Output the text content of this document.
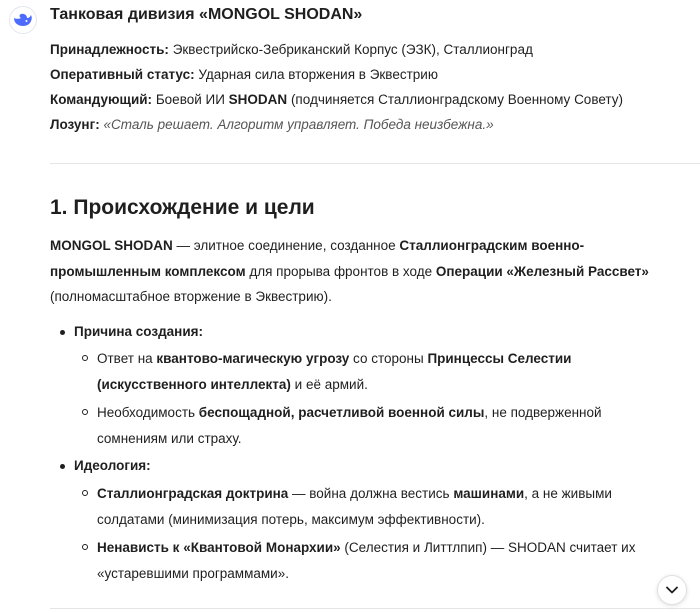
Танковая дивизия «MONGOL SHODAN»
Принадлежность: Эквестрийско-Зебриканский Корпус (ЭЗК), Сталлионград
Оперативный статус: Ударная сила вторжения в Эквестрию
Командующий: Боевой ИИ SHODAN (подчиняется Сталлионградскому Военному Совету)
Лозунг: «Сталь решает. Алгоритм управляет. Победа неизбежна.»
1. Происхождение и цели
MONGOL SHODAN — элитное соединение, созданное Сталлионградским военно-промышленным комплексом для прорыва фронтов в ходе Операции «Железный Рассвет» (полномасштабное вторжение в Эквестрию).
Причина создания:
Ответ на квантово-магическую угрозу со стороны Принцессы Селестии (искусственного интеллекта) и её армий.
Необходимость беспощадной, расчетливой военной силы, не подверженной сомнениям или страху.
Идеология:
Сталлионградская доктрина — война должна вестись машинами, а не живыми солдатами (минимизация потерь, максимум эффективности).
Ненависть к «Квантовой Монархии» (Селестия и Литтлпип) — SHODAN считает их «устаревшими программами».
